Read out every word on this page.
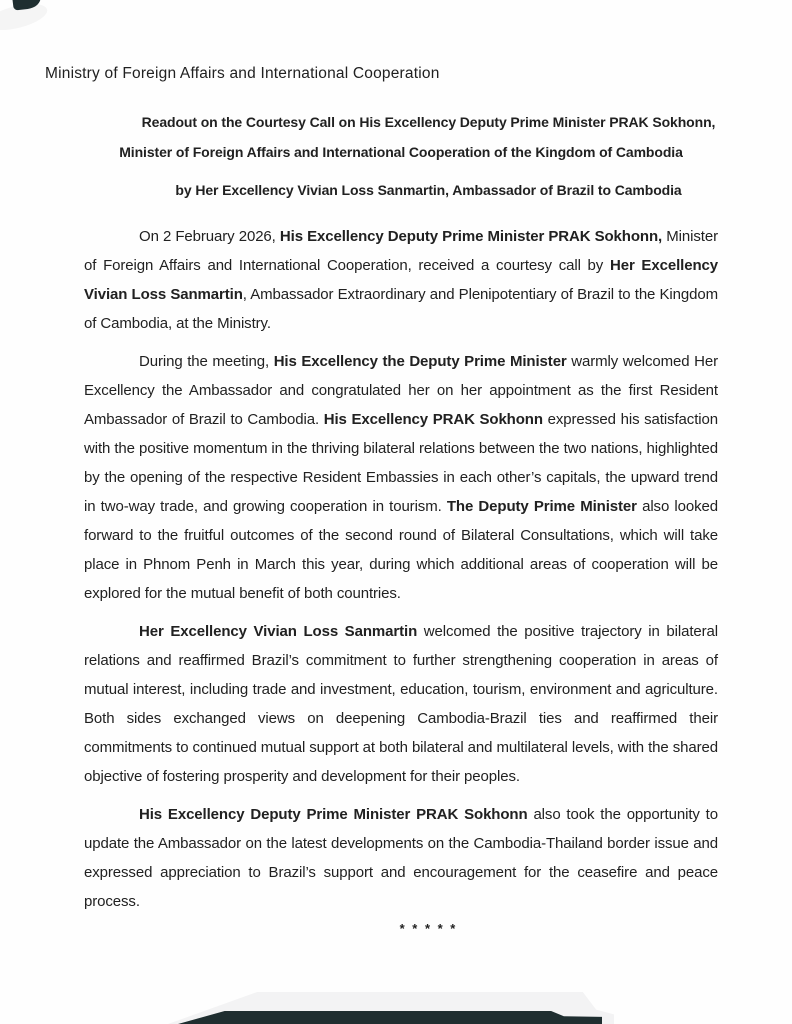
Ministry of Foreign Affairs and International Cooperation

Readout on the Courtesy Call on His Excellency Deputy Prime Minister PRAK Sokhonn,

Minister of Foreign Affairs and International Cooperation of the Kingdom of Cambodia

by Her Excellency Vivian Loss Sanmartin, Ambassador of Brazil to Cambodia

On 2 February 2026, His Excellency Deputy Prime Minister PRAK Sokhonn, Minister of Foreign Affairs and International Cooperation, received a courtesy call by Her Excellency Vivian Loss Sanmartin, Ambassador Extraordinary and Plenipotentiary of Brazil to the Kingdom of Cambodia, at the Ministry.

During the meeting, His Excellency the Deputy Prime Minister warmly welcomed Her Excellency the Ambassador and congratulated her on her appointment as the first Resident Ambassador of Brazil to Cambodia. His Excellency PRAK Sokhonn expressed his satisfaction with the positive momentum in the thriving bilateral relations between the two nations, highlighted by the opening of the respective Resident Embassies in each other’s capitals, the upward trend in two-way trade, and growing cooperation in tourism. The Deputy Prime Minister also looked forward to the fruitful outcomes of the second round of Bilateral Consultations, which will take place in Phnom Penh in March this year, during which additional areas of cooperation will be explored for the mutual benefit of both countries.

Her Excellency Vivian Loss Sanmartin welcomed the positive trajectory in bilateral relations and reaffirmed Brazil’s commitment to further strengthening cooperation in areas of mutual interest, including trade and investment, education, tourism, environment and agriculture. Both sides exchanged views on deepening Cambodia-Brazil ties and reaffirmed their commitments to continued mutual support at both bilateral and multilateral levels, with the shared objective of fostering prosperity and development for their peoples.

His Excellency Deputy Prime Minister PRAK Sokhonn also took the opportunity to update the Ambassador on the latest developments on the Cambodia-Thailand border issue and expressed appreciation to Brazil’s support and encouragement for the ceasefire and peace process.

* * * * *
